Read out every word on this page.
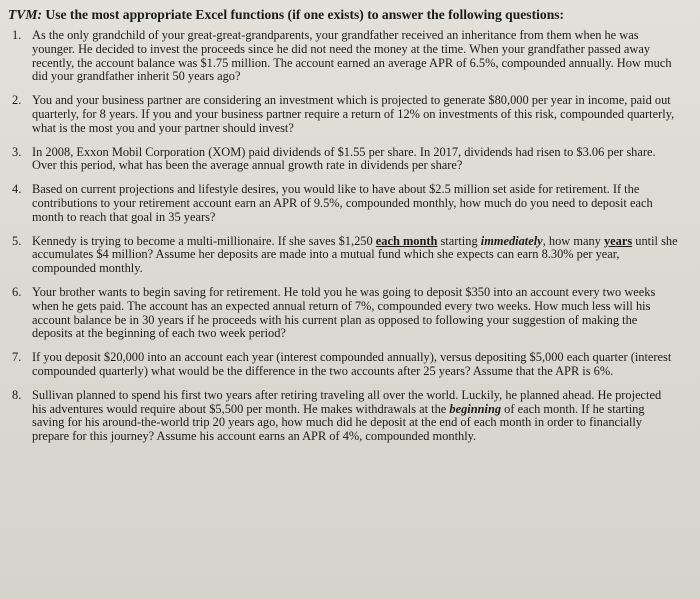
TVM: Use the most appropriate Excel functions (if one exists) to answer the following questions:
1. As the only grandchild of your great-great-grandparents, your grandfather received an inheritance from them when he was younger. He decided to invest the proceeds since he did not need the money at the time. When your grandfather passed away recently, the account balance was $1.75 million. The account earned an average APR of 6.5%, compounded annually. How much did your grandfather inherit 50 years ago?
2. You and your business partner are considering an investment which is projected to generate $80,000 per year in income, paid out quarterly, for 8 years. If you and your business partner require a return of 12% on investments of this risk, compounded quarterly, what is the most you and your partner should invest?
3. In 2008, Exxon Mobil Corporation (XOM) paid dividends of $1.55 per share. In 2017, dividends had risen to $3.06 per share. Over this period, what has been the average annual growth rate in dividends per share?
4. Based on current projections and lifestyle desires, you would like to have about $2.5 million set aside for retirement. If the contributions to your retirement account earn an APR of 9.5%, compounded monthly, how much do you need to deposit each month to reach that goal in 35 years?
5. Kennedy is trying to become a multi-millionaire. If she saves $1,250 each month starting immediately, how many years until she accumulates $4 million? Assume her deposits are made into a mutual fund which she expects can earn 8.30% per year, compounded monthly.
6. Your brother wants to begin saving for retirement. He told you he was going to deposit $350 into an account every two weeks when he gets paid. The account has an expected annual return of 7%, compounded every two weeks. How much less will his account balance be in 30 years if he proceeds with his current plan as opposed to following your suggestion of making the deposits at the beginning of each two week period?
7. If you deposit $20,000 into an account each year (interest compounded annually), versus depositing $5,000 each quarter (interest compounded quarterly) what would be the difference in the two accounts after 25 years? Assume that the APR is 6%.
8. Sullivan planned to spend his first two years after retiring traveling all over the world. Luckily, he planned ahead. He projected his adventures would require about $5,500 per month. He makes withdrawals at the beginning of each month. If he starting saving for his around-the-world trip 20 years ago, how much did he deposit at the end of each month in order to financially prepare for this journey? Assume his account earns an APR of 4%, compounded monthly.
